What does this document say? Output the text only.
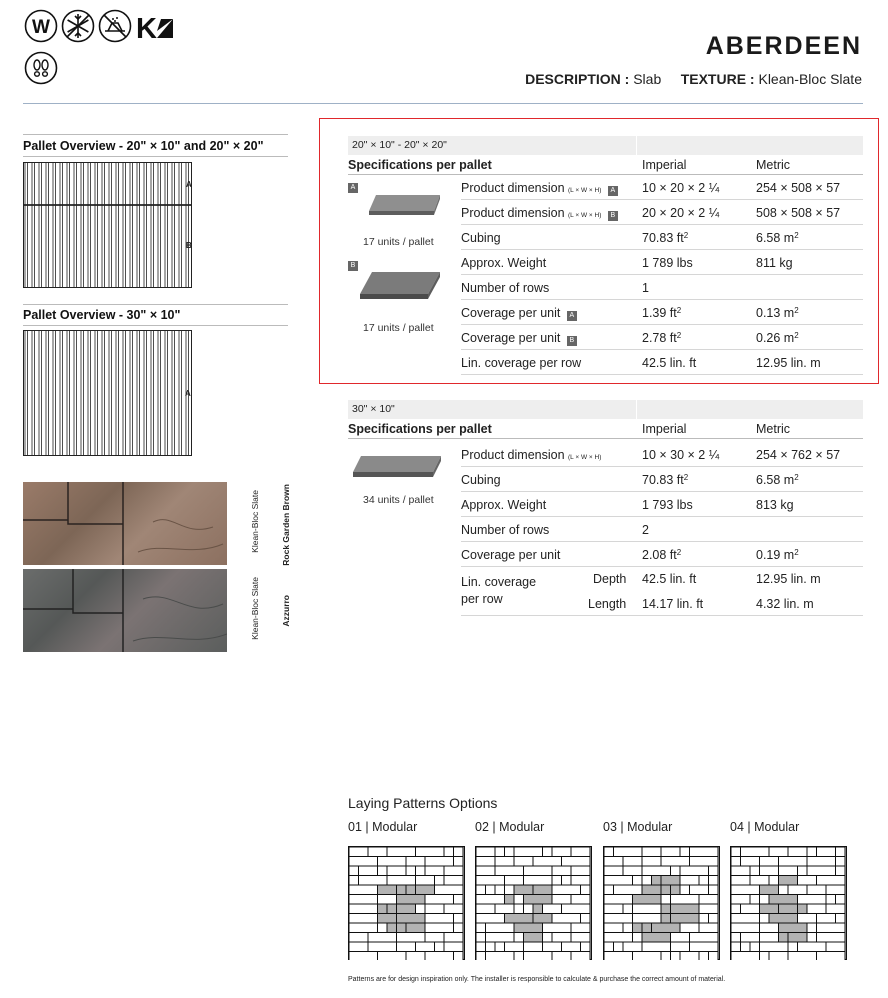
W	K
ABERDEEN
DESCRIPTION : Slab TEXTURE : Klean-Bloc Slate
Pallet Overview - 20" × 10" and 20" × 20"
A
B
Pallet Overview - 30" × 10"
A
Klean-Bloc Slate Rock Garden Brown
Klean-Bloc Slate Azzurro
20" × 10" - 20" × 20"
Specifications per pallet	Imperial	Metric
A
17 units / pallet
B
17 units / pallet
Product dimension (L × W × H) A 10 × 20 × 2 ¼	254 × 508 × 57
Product dimension (L × W × H) B 20 × 20 × 2 ¼	508 × 508 × 57
Cubing	70.83 $ft^2$	6.58 $m^2$
Approx. Weight	1 789 lbs	811 kg
Number of rows	1
Coverage per unit A	1.39 $ft^2$	0.13 $m^2$
Coverage per unit B	2.78 $ft^2$	0.26 $m^2$
Lin. coverage per row	42.5 lin. ft	12.95 lin. m
30" × 10"
Specifications per pallet	Imperial	Metric
34 units / pallet
Product dimension (L × W × H)	10 × 30 × 2 ¼	254 × 762 × 57
Cubing	70.83 $ft^2$	6.58 $m^2$
Approx. Weight	1 793 lbs	813 kg
Number of rows	2
Coverage per unit	2.08 $ft^2$	0.19 $m^2$
Lin. coverage
per row
Depth 42.5 lin. ft	12.95 lin. m
Length 14.17 lin. ft	4.32 lin. m
Laying Patterns Options
01 | Modular	02 | Modular	03 | Modular	04 | Modular
Patterns are for design inspiration only. The installer is responsible to calculate & purchase the correct amount of material.
